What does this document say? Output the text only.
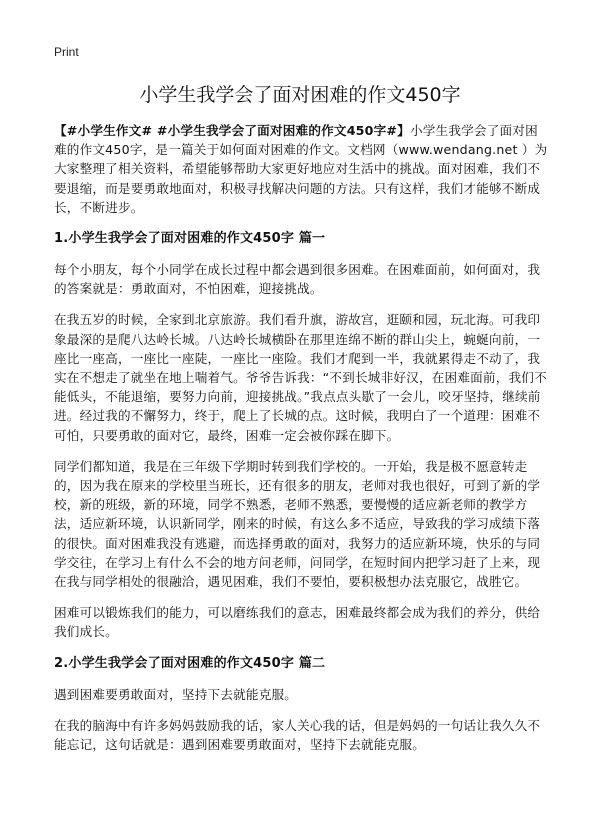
Print
小学生我学会了面对困难的作文450字

【#小学生作文# #小学生我学会了面对困难的作文450字#】小学生我学会了面对困难的作文450字，是一篇关于如何面对困难的作文。文档网（www.wendang.net ）为大家整理了相关资料，希望能够帮助大家更好地应对生活中的挑战。面对困难，我们不要退缩，而是要勇敢地面对，积极寻找解决问题的方法。只有这样，我们才能够不断成长，不断进步。

1.小学生我学会了面对困难的作文450字 篇一

每个小朋友，每个小同学在成长过程中都会遇到很多困难。在困难面前，如何面对，我的答案就是：勇敢面对，不怕困难，迎接挑战。

在我五岁的时候，全家到北京旅游。我们看升旗，游故宫，逛颐和园，玩北海。可我印象最深的是爬八达岭长城。八达岭长城横卧在那里连绵不断的群山尖上，蜿蜒向前，一座比一座高，一座比一座陡，一座比一座险。我们才爬到一半，我就累得走不动了，我实在不想走了就坐在地上喘着气。爷爷告诉我：“不到长城非好汉，在困难面前，我们不能低头，不能退缩，要努力向前，迎接挑战。”我点点头歇了一会儿，咬牙坚持，继续前进。经过我的不懈努力，终于，爬上了长城的点。这时候，我明白了一个道理：困难不可怕，只要勇敢的面对它，最终，困难一定会被你踩在脚下。

同学们都知道，我是在三年级下学期时转到我们学校的。一开始，我是极不愿意转走的，因为我在原来的学校里当班长，还有很多的朋友，老师对我也很好，可到了新的学校，新的班级，新的环境，同学不熟悉，老师不熟悉，要慢慢的适应新老师的教学方法，适应新环境，认识新同学，刚来的时候，有这么多不适应，导致我的学习成绩下落的很快。面对困难我没有逃避，而选择勇敢的面对，我努力的适应新环境，快乐的与同学交往，在学习上有什么不会的地方问老师，问同学，在短时间内把学习赶了上来，现在我与同学相处的很融洽，遇见困难，我们不要怕，要积极想办法克服它，战胜它。

困难可以锻炼我们的能力，可以磨练我们的意志，困难最终都会成为我们的养分，供给我们成长。

2.小学生我学会了面对困难的作文450字 篇二

遇到困难要勇敢面对，坚持下去就能克服。

在我的脑海中有许多妈妈鼓励我的话，家人关心我的话，但是妈妈的一句话让我久久不能忘记，这句话就是：遇到困难要勇敢面对，坚持下去就能克服。
